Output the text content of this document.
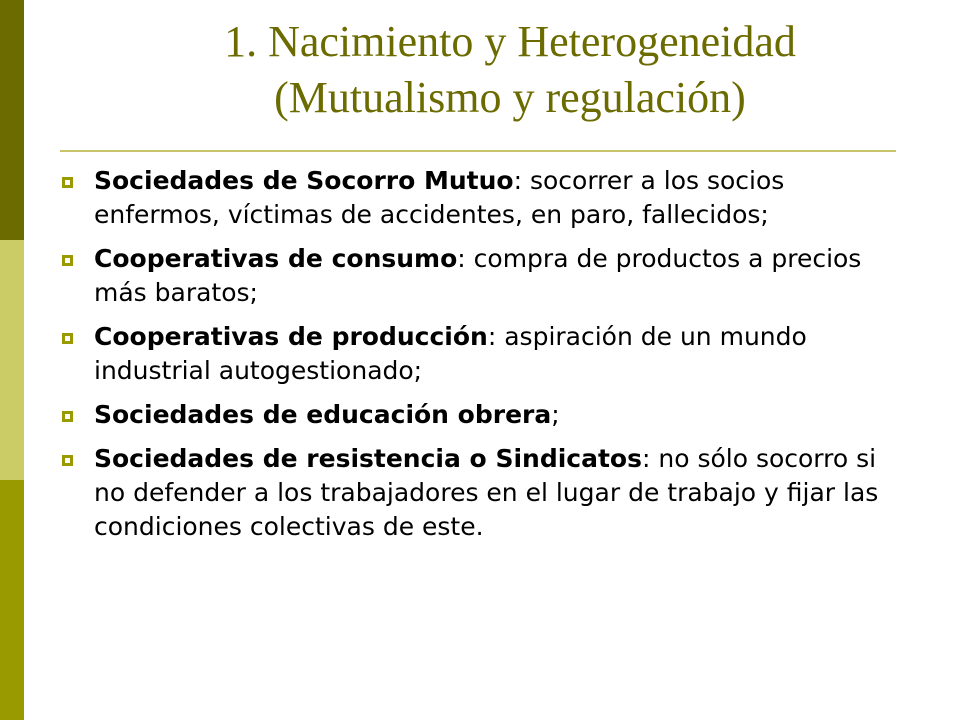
1. Nacimiento y Heterogeneidad
(Mutualismo y regulación)
Sociedades de Socorro Mutuo: socorrer a los socios enfermos, víctimas de accidentes, en paro, fallecidos;
Cooperativas de consumo: compra de productos a precios más baratos;
Cooperativas de producción: aspiración de un mundo industrial autogestionado;
Sociedades de educación obrera;
Sociedades de resistencia o Sindicatos: no sólo socorro si no defender a los trabajadores en el lugar de trabajo y fijar las condiciones colectivas de este.
